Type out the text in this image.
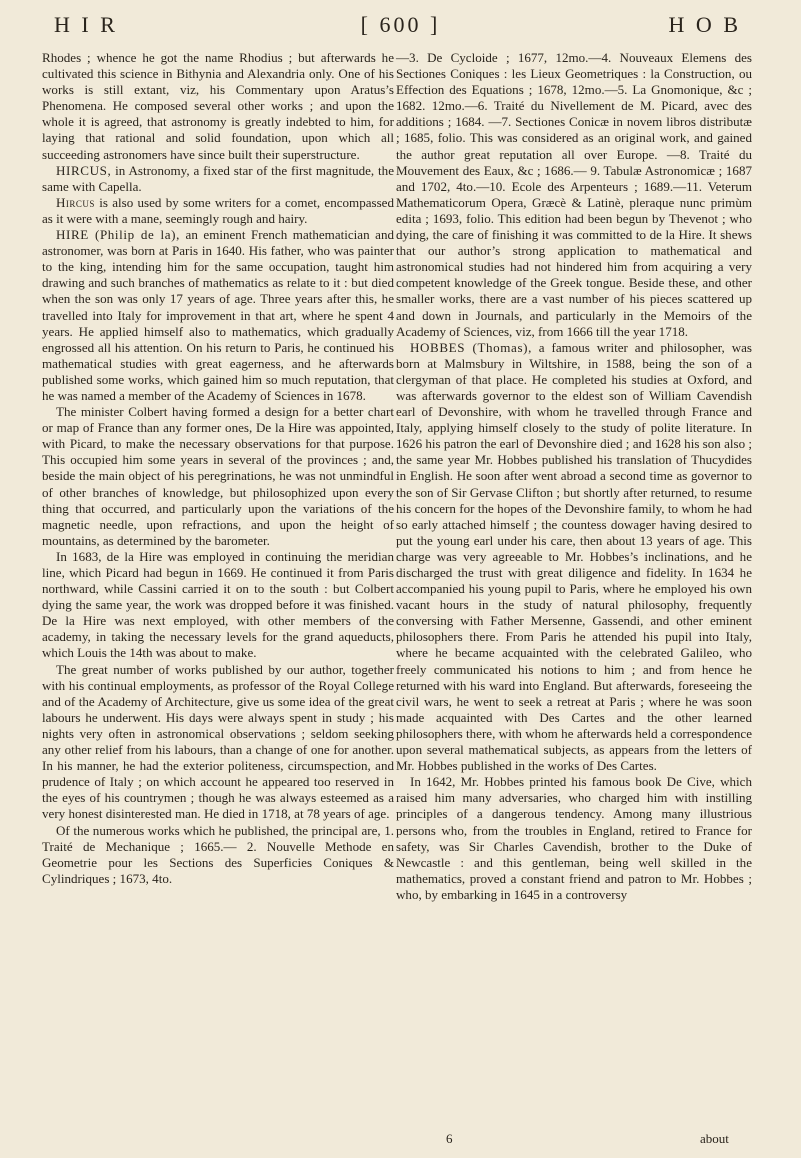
H I R	[ 600 ]	H O B

Rhodes ; whence he got the name Rhodius ; but afterwards he cultivated this science in Bithynia and Alexandria only. One of his works is still extant, viz, his Commentary upon Aratus’s Phenomena. He composed several other works ; and upon the whole it is agreed, that astronomy is greatly indebted to him, for laying that rational and solid foundation, upon which all succeeding astronomers have since built their superstructure.

HIRCUS, in Astronomy, a fixed star of the first magnitude, the same with Capella.

Hircus is also used by some writers for a comet, encompassed as it were with a mane, seemingly rough and hairy.

HIRE (Philip de la), an eminent French mathematician and astronomer, was born at Paris in 1640. His father, who was painter to the king, intending him for the same occupation, taught him drawing and such branches of mathematics as relate to it : but died when the son was only 17 years of age. Three years after this, he travelled into Italy for improvement in that art, where he spent 4 years. He applied himself also to mathematics, which gradually engrossed all his attention. On his return to Paris, he continued his mathematical studies with great eagerness, and he afterwards published some works, which gained him so much reputation, that he was named a member of the Academy of Sciences in 1678.

The minister Colbert having formed a design for a better chart or map of France than any former ones, De la Hire was appointed, with Picard, to make the necessary observations for that purpose. This occupied him some years in several of the provinces ; and, beside the main object of his peregrinations, he was not unmindful of other branches of knowledge, but philosophized upon every thing that occurred, and particularly upon the variations of the magnetic needle, upon refractions, and upon the height of mountains, as determined by the barometer.

In 1683, de la Hire was employed in continuing the meridian line, which Picard had begun in 1669. He continued it from Paris northward, while Cassini carried it on to the south : but Colbert dying the same year, the work was dropped before it was finished. De la Hire was next employed, with other members of the academy, in taking the necessary levels for the grand aqueducts, which Louis the 14th was about to make.

The great number of works published by our author, together with his continual employments, as professor of the Royal College and of the Academy of Architecture, give us some idea of the great labours he underwent. His days were always spent in study ; his nights very often in astronomical observations ; seldom seeking any other relief from his labours, than a change of one for another. In his manner, he had the exterior politeness, circumspection, and prudence of Italy ; on which account he appeared too reserved in the eyes of his countrymen ; though he was always esteemed as a very honest disinterested man. He died in 1718, at 78 years of age.

Of the numerous works which he published, the principal are, 1. Traité de Mechanique ; 1665.— 2. Nouvelle Methode en Geometrie pour les Sections des Superficies Coniques & Cylindriques ; 1673, 4to.

—3. De Cycloide ; 1677, 12mo.—4. Nouveaux Elemens des Sectiones Coniques : les Lieux Geometriques : la Construction, ou Effection des Equations ; 1678, 12mo.—5. La Gnomonique, &c ; 1682. 12mo.—6. Traité du Nivellement de M. Picard, avec des additions ; 1684. —7. Sectiones Conicæ in novem libros distributæ ; 1685, folio. This was considered as an original work, and gained the author great reputation all over Europe. —8. Traité du Mouvement des Eaux, &c ; 1686.— 9. Tabulæ Astronomicæ ; 1687 and 1702, 4to.—10. Ecole des Arpenteurs ; 1689.—11. Veterum Mathematicorum Opera, Græcè & Latinè, pleraque nunc primùm edita ; 1693, folio. This edition had been begun by Thevenot ; who dying, the care of finishing it was committed to de la Hire. It shews that our author’s strong application to mathematical and astronomical studies had not hindered him from acquiring a very competent knowledge of the Greek tongue. Beside these, and other smaller works, there are a vast number of his pieces scattered up and down in Journals, and particularly in the Memoirs of the Academy of Sciences, viz, from 1666 till the year 1718.

HOBBES (Thomas), a famous writer and philosopher, was born at Malmsbury in Wiltshire, in 1588, being the son of a clergyman of that place. He completed his studies at Oxford, and was afterwards governor to the eldest son of William Cavendish earl of Devonshire, with whom he travelled through France and Italy, applying himself closely to the study of polite literature. In 1626 his patron the earl of Devonshire died ; and 1628 his son also ; the same year Mr. Hobbes published his translation of Thucydides in English. He soon after went abroad a second time as governor to the son of Sir Gervase Clifton ; but shortly after returned, to resume his concern for the hopes of the Devonshire family, to whom he had so early attached himself ; the countess dowager having desired to put the young earl under his care, then about 13 years of age. This charge was very agreeable to Mr. Hobbes’s inclinations, and he discharged the trust with great diligence and fidelity. In 1634 he accompanied his young pupil to Paris, where he employed his own vacant hours in the study of natural philosophy, frequently conversing with Father Mersenne, Gassendi, and other eminent philosophers there. From Paris he attended his pupil into Italy, where he became acquainted with the celebrated Galileo, who freely communicated his notions to him ; and from hence he returned with his ward into England. But afterwards, foreseeing the civil wars, he went to seek a retreat at Paris ; where he was soon made acquainted with Des Cartes and the other learned philosophers there, with whom he afterwards held a correspondence upon several mathematical subjects, as appears from the letters of Mr. Hobbes published in the works of Des Cartes.

In 1642, Mr. Hobbes printed his famous book De Cive, which raised him many adversaries, who charged him with instilling principles of a dangerous tendency. Among many illustrious persons who, from the troubles in England, retired to France for safety, was Sir Charles Cavendish, brother to the Duke of Newcastle : and this gentleman, being well skilled in the mathematics, proved a constant friend and patron to Mr. Hobbes ; who, by embarking in 1645 in a controversy

6	about
